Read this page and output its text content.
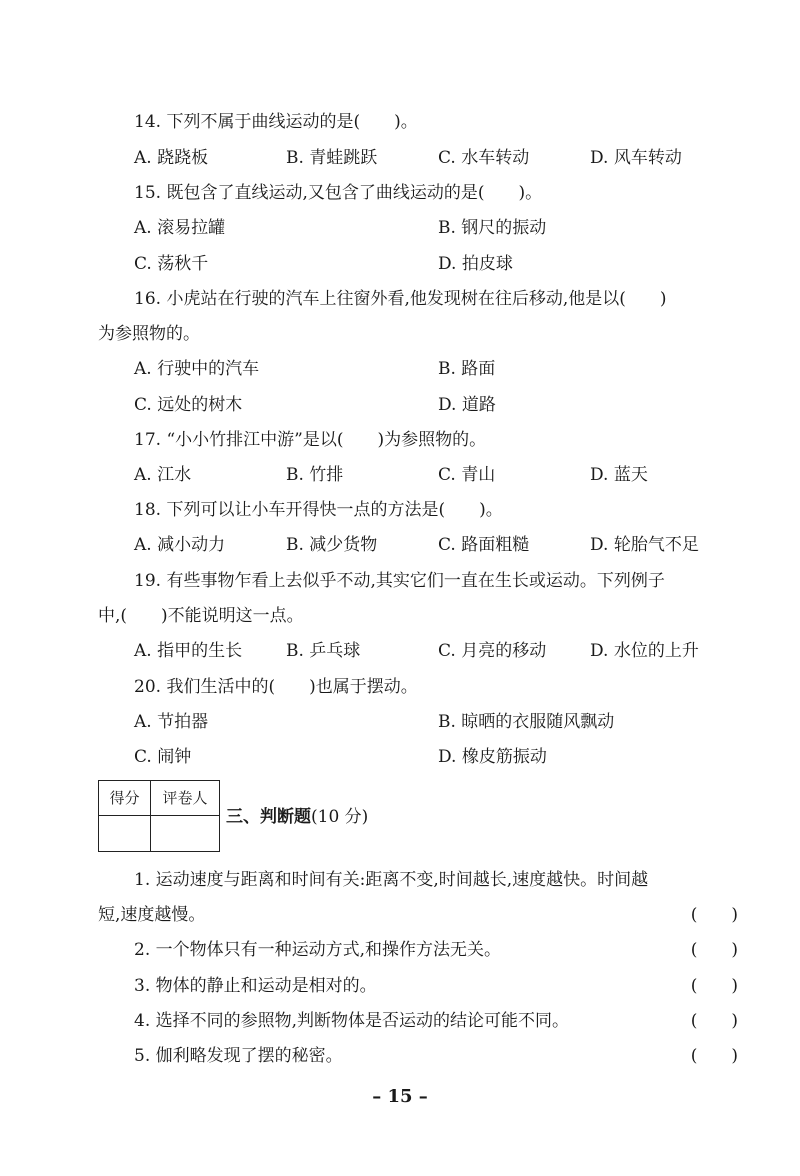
14. 下列不属于曲线运动的是(　　)。
A. 跷跷板	B. 青蛙跳跃	C. 水车转动	D. 风车转动
15. 既包含了直线运动,又包含了曲线运动的是(　　)。
A. 滚易拉罐	B. 钢尺的振动
C. 荡秋千	D. 拍皮球
16. 小虎站在行驶的汽车上往窗外看,他发现树在往后移动,他是以(　　)
为参照物的。
A. 行驶中的汽车	B. 路面
C. 远处的树木	D. 道路
17. “小小竹排江中游”是以(　　)为参照物的。
A. 江水	B. 竹排	C. 青山	D. 蓝天
18. 下列可以让小车开得快一点的方法是(　　)。
A. 减小动力	B. 减少货物	C. 路面粗糙	D. 轮胎气不足
19. 有些事物乍看上去似乎不动,其实它们一直在生长或运动。下列例子
中,(　　)不能说明这一点。
A. 指甲的生长	B. 乒乓球	C. 月亮的移动	D. 水位的上升
20. 我们生活中的(　　)也属于摆动。
A. 节拍器	B. 晾晒的衣服随风飘动
C. 闹钟	D. 橡皮筋振动
得分	评卷人
三、判断题(10 分)
1. 运动速度与距离和时间有关:距离不变,时间越长,速度越快。时间越
短,速度越慢。	(　　)
2. 一个物体只有一种运动方式,和操作方法无关。	(　　)
3. 物体的静止和运动是相对的。	(　　)
4. 选择不同的参照物,判断物体是否运动的结论可能不同。	(　　)
5. 伽利略发现了摆的秘密。	(　　)
– 15 –
